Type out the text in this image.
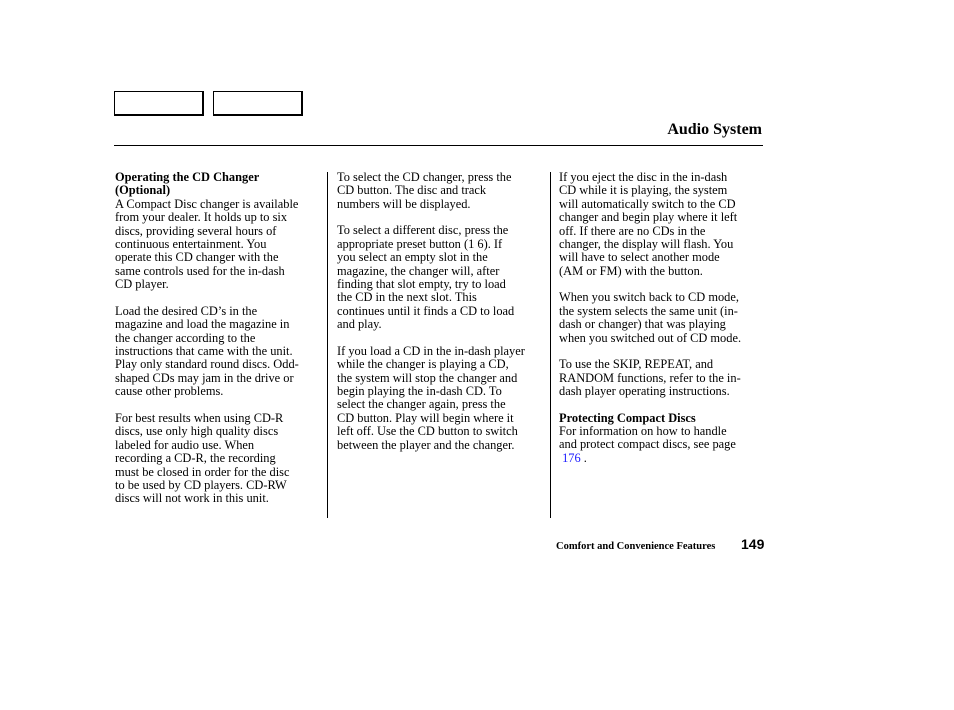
Audio System
Operating the CD Changer
(Optional)
A Compact Disc changer is available
from your dealer. It holds up to six
discs, providing several hours of
continuous entertainment. You
operate this CD changer with the
same controls used for the in-dash
CD player.
Load the desired CD’s in the
magazine and load the magazine in
the changer according to the
instructions that came with the unit.
Play only standard round discs. Odd-
shaped CDs may jam in the drive or
cause other problems.
For best results when using CD-R
discs, use only high quality discs
labeled for audio use. When
recording a CD-R, the recording
must be closed in order for the disc
to be used by CD players. CD-RW
discs will not work in this unit.
To select the CD changer, press the
CD button. The disc and track
numbers will be displayed.
To select a different disc, press the
appropriate preset button (1 6). If
you select an empty slot in the
magazine, the changer will, after
finding that slot empty, try to load
the CD in the next slot. This
continues until it finds a CD to load
and play.
If you load a CD in the in-dash player
while the changer is playing a CD,
the system will stop the changer and
begin playing the in-dash CD. To
select the changer again, press the
CD button. Play will begin where it
left off. Use the CD button to switch
between the player and the changer.
If you eject the disc in the in-dash
CD while it is playing, the system
will automatically switch to the CD
changer and begin play where it left
off. If there are no CDs in the
changer, the display will flash. You
will have to select another mode
(AM or FM) with the button.
When you switch back to CD mode,
the system selects the same unit (in-
dash or changer) that was playing
when you switched out of CD mode.
To use the SKIP, REPEAT, and
RANDOM functions, refer to the in-
dash player operating instructions.
Protecting Compact Discs
For information on how to handle
and protect compact discs, see page
176 .
Comfort and Convenience Features 149
